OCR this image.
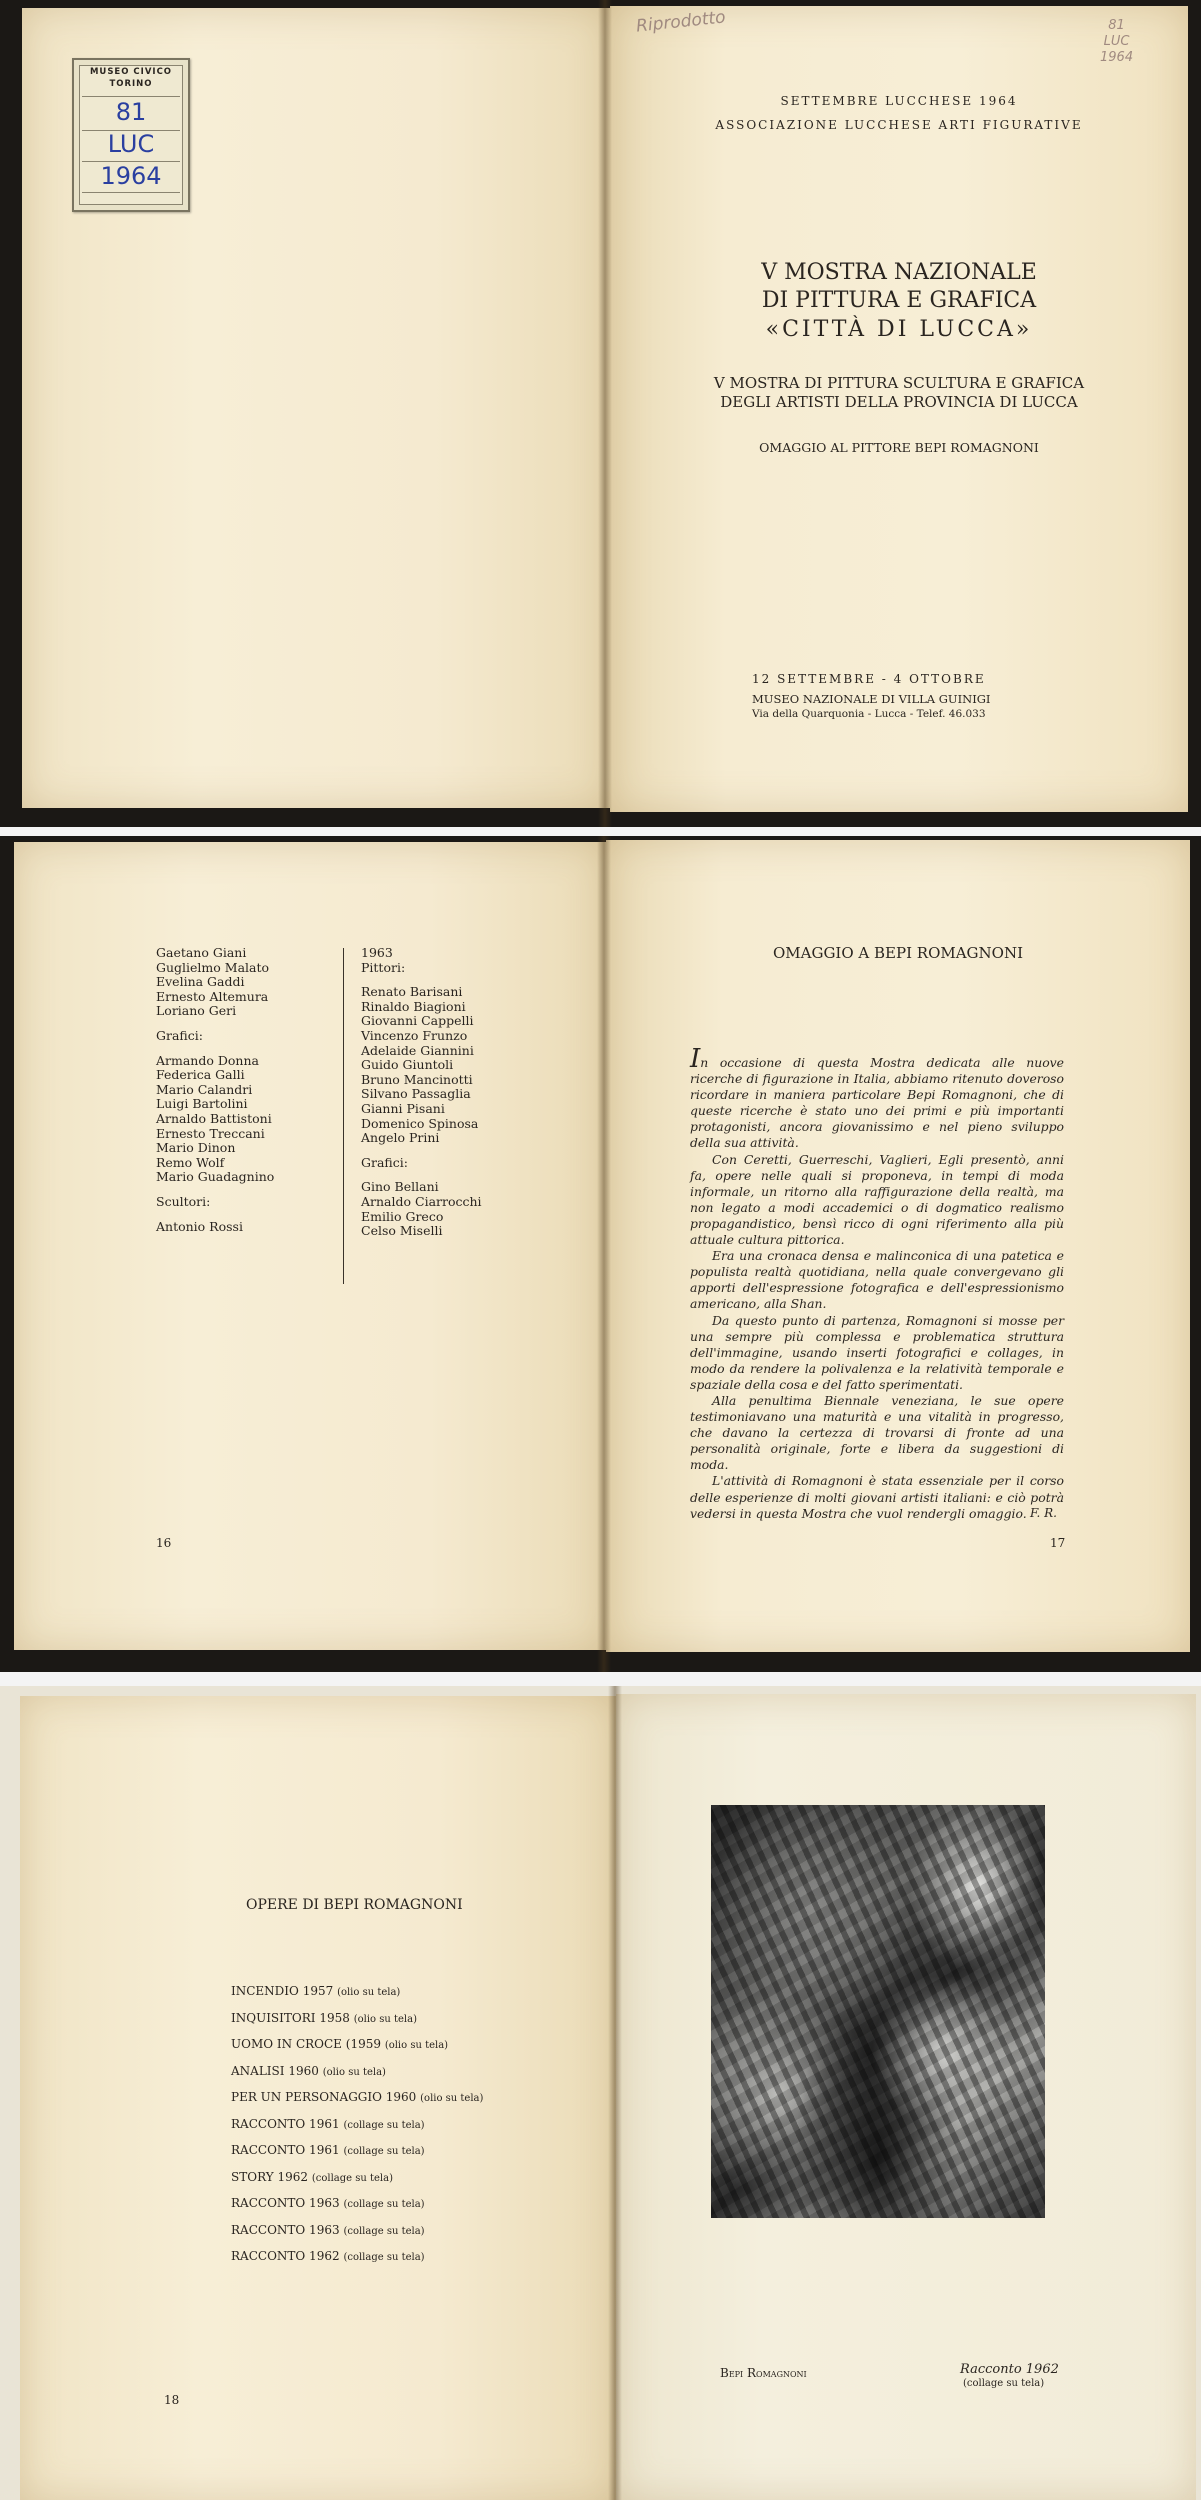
MUSEO CIVICO
TORINO
81
LUC
1964
Riprodotto	81
LUC
1964
SETTEMBRE LUCCHESE 1964
ASSOCIAZIONE LUCCHESE ARTI FIGURATIVE
V MOSTRA NAZIONALE
DI PITTURA E GRAFICA
«CITTÀ DI LUCCA»
V MOSTRA DI PITTURA SCULTURA E GRAFICA
DEGLI ARTISTI DELLA PROVINCIA DI LUCCA
OMAGGIO AL PITTORE BEPI ROMAGNONI
12 SETTEMBRE - 4 OTTOBRE
MUSEO NAZIONALE DI VILLA GUINIGI
Via della Quarquonia - Lucca - Telef. 46.033
Gaetano Giani
Guglielmo Malato
Evelina Gaddi
Ernesto Altemura
Loriano Geri
Grafici:
Armando Donna
Federica Galli
Mario Calandri
Luigi Bartolini
Arnaldo Battistoni
Ernesto Treccani
Mario Dinon
Remo Wolf
Mario Guadagnino
Scultori:
Antonio Rossi
1963
Pittori:
Renato Barisani
Rinaldo Biagioni
Giovanni Cappelli
Vincenzo Frunzo
Adelaide Giannini
Guido Giuntoli
Bruno Mancinotti
Silvano Passaglia
Gianni Pisani
Domenico Spinosa
Angelo Prini
Grafici:
Gino Bellani
Arnaldo Ciarrocchi
Emilio Greco
Celso Miselli
16
OMAGGIO A BEPI ROMAGNONI

In occasione di questa Mostra dedicata alle nuove ricerche di figurazione in Italia, abbiamo ritenuto doveroso ricordare in maniera particolare Bepi Romagnoni, che di queste ricerche è stato uno dei primi e più importanti protagonisti, ancora giovanissimo e nel pieno sviluppo della sua attività.

Con Ceretti, Guerreschi, Vaglieri, Egli presentò, anni fa, opere nelle quali si proponeva, in tempi di moda informale, un ritorno alla raffigurazione della realtà, ma non legato a modi accademici o di dogmatico realismo propagandistico, bensì ricco di ogni riferimento alla più attuale cultura pittorica.

Era una cronaca densa e malinconica di una patetica e populista realtà quotidiana, nella quale convergevano gli apporti dell'espressione fotografica e dell'espressionismo americano, alla Shan.

Da questo punto di partenza, Romagnoni si mosse per una sempre più complessa e problematica struttura dell'immagine, usando inserti fotografici e collages, in modo da rendere la polivalenza e la relatività temporale e spaziale della cosa e del fatto sperimentati.

Alla penultima Biennale veneziana, le sue opere testimoniavano una maturità e una vitalità in progresso, che davano la certezza di trovarsi di fronte ad una personalità originale, forte e libera da suggestioni di moda.

L'attività di Romagnoni è stata essenziale per il corso delle esperienze di molti giovani artisti italiani: e ciò potrà vedersi in questa Mostra che vuol rendergli omaggio. F. R.
17
OPERE DI BEPI ROMAGNONI
INCENDIO 1957 (olio su tela)
INQUISITORI 1958 (olio su tela)
UOMO IN CROCE (1959 (olio su tela)
ANALISI 1960 (olio su tela)
PER UN PERSONAGGIO 1960 (olio su tela)
RACCONTO 1961 (collage su tela)
RACCONTO 1961 (collage su tela)
STORY 1962 (collage su tela)
RACCONTO 1963 (collage su tela)
RACCONTO 1963 (collage su tela)
RACCONTO 1962 (collage su tela)
18
Bepi Romagnoni	Racconto 1962
(collage su tela)
